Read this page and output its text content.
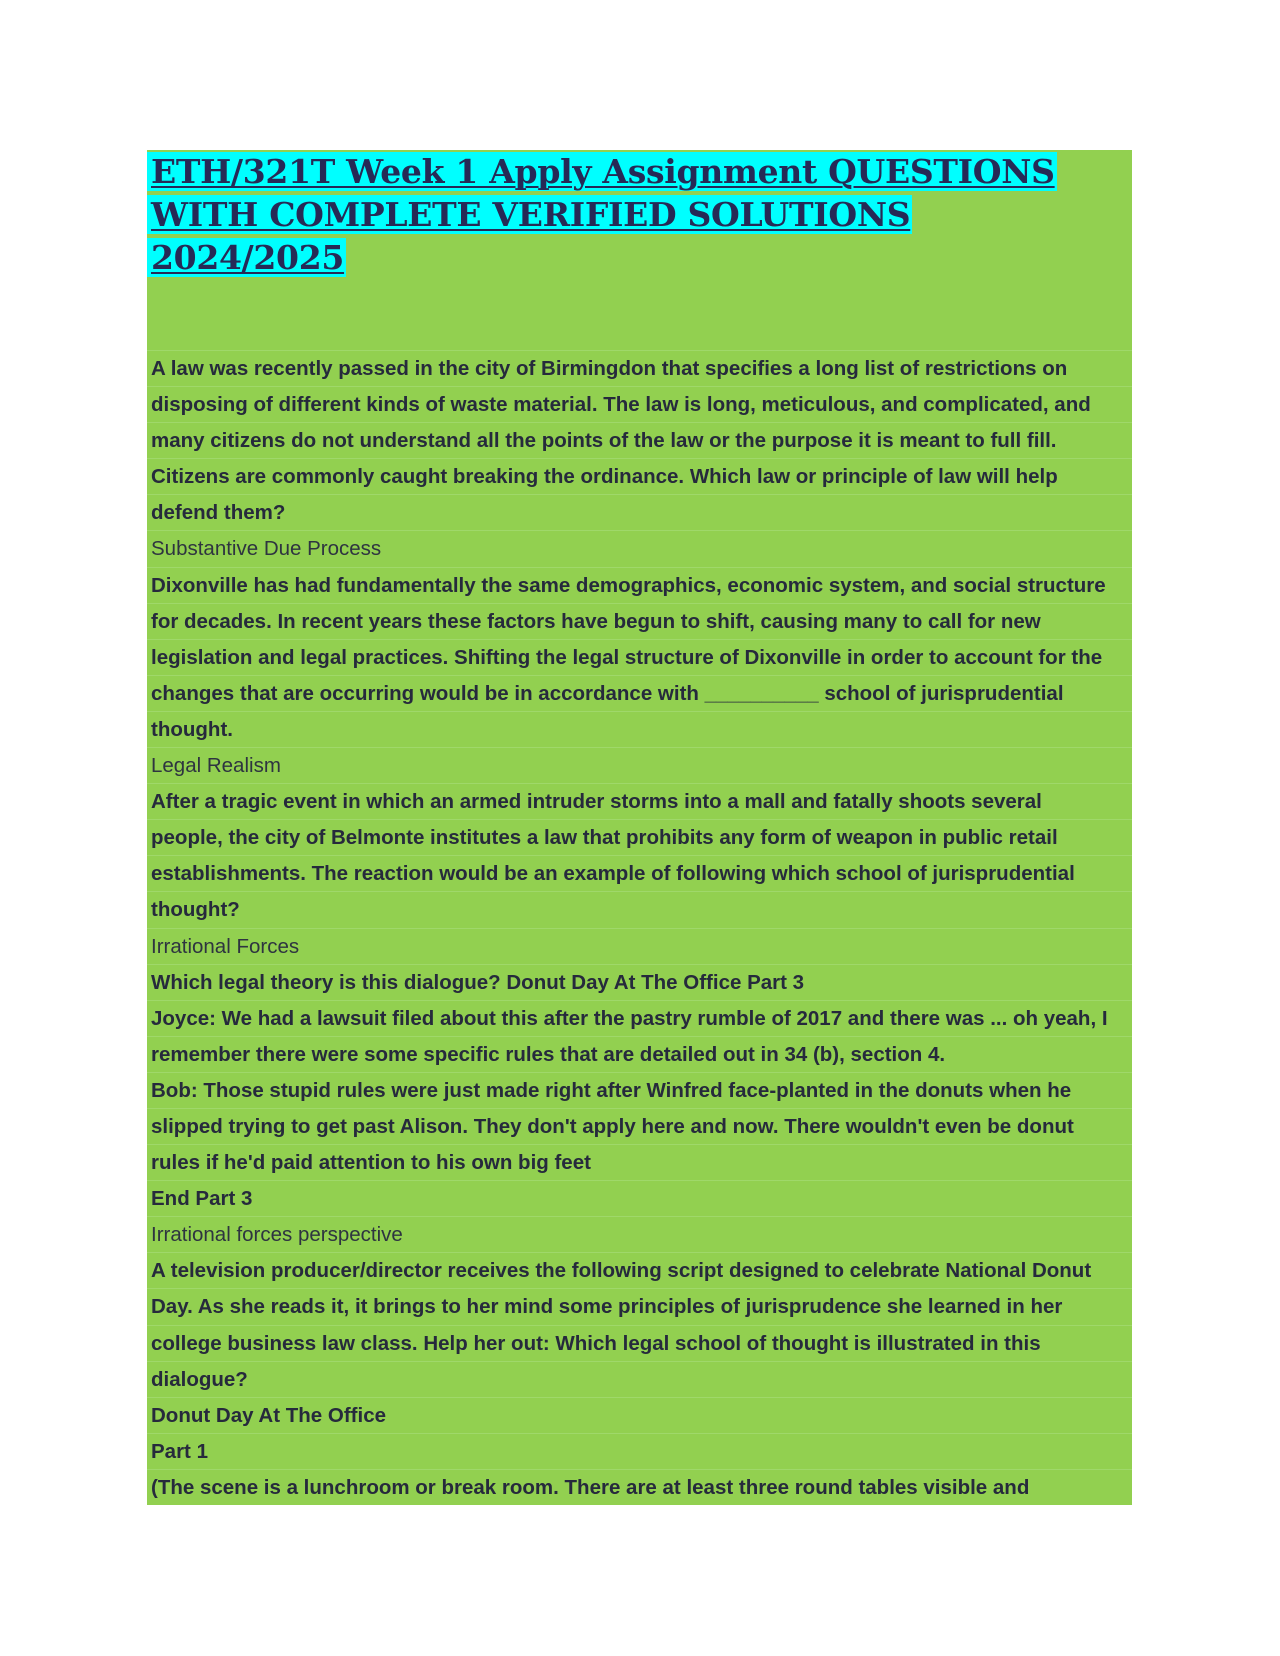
ETH/321T Week 1 Apply Assignment QUESTIONS
WITH COMPLETE VERIFIED SOLUTIONS
2024/2025
A law was recently passed in the city of Birmingdon that specifies a long list of restrictions on
disposing of different kinds of waste material. The law is long, meticulous, and complicated, and
many citizens do not understand all the points of the law or the purpose it is meant to full fill.
Citizens are commonly caught breaking the ordinance. Which law or principle of law will help
defend them?
Substantive Due Process
Dixonville has had fundamentally the same demographics, economic system, and social structure
for decades. In recent years these factors have begun to shift, causing many to call for new
legislation and legal practices. Shifting the legal structure of Dixonville in order to account for the
changes that are occurring would be in accordance with __________ school of jurisprudential
thought.
Legal Realism
After a tragic event in which an armed intruder storms into a mall and fatally shoots several
people, the city of Belmonte institutes a law that prohibits any form of weapon in public retail
establishments. The reaction would be an example of following which school of jurisprudential
thought?
Irrational Forces
Which legal theory is this dialogue? Donut Day At The Office Part 3
Joyce: We had a lawsuit filed about this after the pastry rumble of 2017 and there was ... oh yeah, I
remember there were some specific rules that are detailed out in 34 (b), section 4.
Bob: Those stupid rules were just made right after Winfred face-planted in the donuts when he
slipped trying to get past Alison. They don't apply here and now. There wouldn't even be donut
rules if he'd paid attention to his own big feet
End Part 3
Irrational forces perspective
A television producer/director receives the following script designed to celebrate National Donut
Day. As she reads it, it brings to her mind some principles of jurisprudence she learned in her
college business law class. Help her out: Which legal school of thought is illustrated in this
dialogue?
Donut Day At The Office
Part 1
(The scene is a lunchroom or break room. There are at least three round tables visible and
